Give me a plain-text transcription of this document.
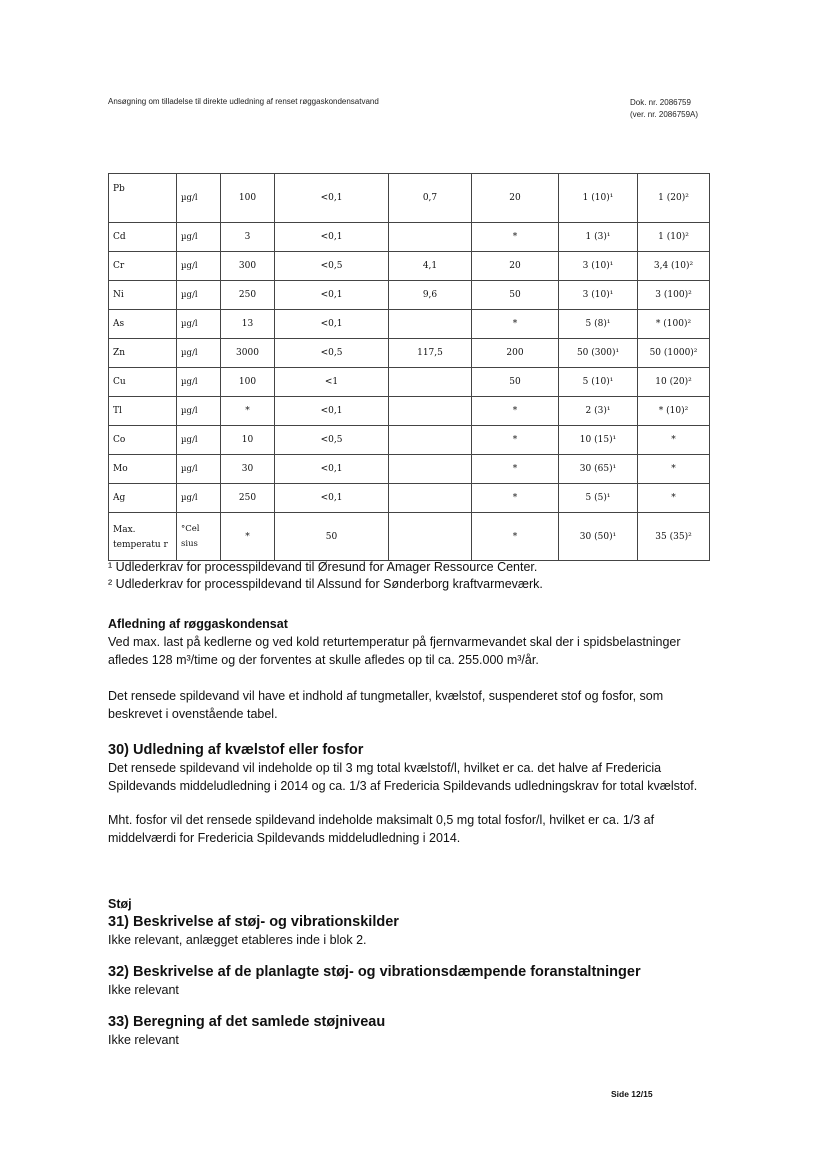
Ansøgning om tilladelse til direkte udledning af renset røggaskondensatvand	Dok. nr. 2086759
(ver. nr. 2086759A)
Pb	µg/l	100	<0,1	0,7	20	1 (10)¹	1 (20)²
Cd	µg/l	3	<0,1		*	1 (3)¹	1 (10)²
Cr	µg/l	300	<0,5	4,1	20	3 (10)¹	3,4 (10)²
Ni	µg/l	250	<0,1	9,6	50	3 (10)¹	3 (100)²
As	µg/l	13	<0,1		*	5 (8)¹	* (100)²
Zn	µg/l	3000	<0,5	117,5	200	50 (300)¹	50 (1000)²
Cu	µg/l	100	<1		50	5 (10)¹	10 (20)²
Tl	µg/l	*	<0,1		*	2 (3)¹	* (10)²
Co	µg/l	10	<0,5		*	10 (15)¹	*
Mo	µg/l	30	<0,1		*	30 (65)¹	*
Ag	µg/l	250	<0,1		*	5 (5)¹	*
Max. temperatu r	°Cel sius	*	50		*	30 (50)¹	35 (35)²
¹ Udlederkrav for processpildevand til Øresund for Amager Ressource Center.
² Udlederkrav for processpildevand til Alssund for Sønderborg kraftvarmeværk.
Afledning af røggaskondensat
Ved max. last på kedlerne og ved kold returtemperatur på fjernvarmevandet skal der i spidsbelastninger afledes 128 m³/time og der forventes at skulle afledes op til ca. 255.000 m³/år.
Det rensede spildevand vil have et indhold af tungmetaller, kvælstof, suspenderet stof og fosfor, som beskrevet i ovenstående tabel.
30) Udledning af kvælstof eller fosfor
Det rensede spildevand vil indeholde op til 3 mg total kvælstof/l, hvilket er ca. det halve af Fredericia Spildevands middeludledning i 2014 og ca. 1/3 af Fredericia Spildevands udledningskrav for total kvælstof.
Mht. fosfor vil det rensede spildevand indeholde maksimalt 0,5 mg total fosfor/l, hvilket er ca. 1/3 af middelværdi for Fredericia Spildevands middeludledning i 2014.
Støj
31) Beskrivelse af støj- og vibrationskilder
Ikke relevant, anlægget etableres inde i blok 2.
32) Beskrivelse af de planlagte støj- og vibrationsdæmpende foranstaltninger
Ikke relevant
33) Beregning af det samlede støjniveau
Ikke relevant
Side 12/15
